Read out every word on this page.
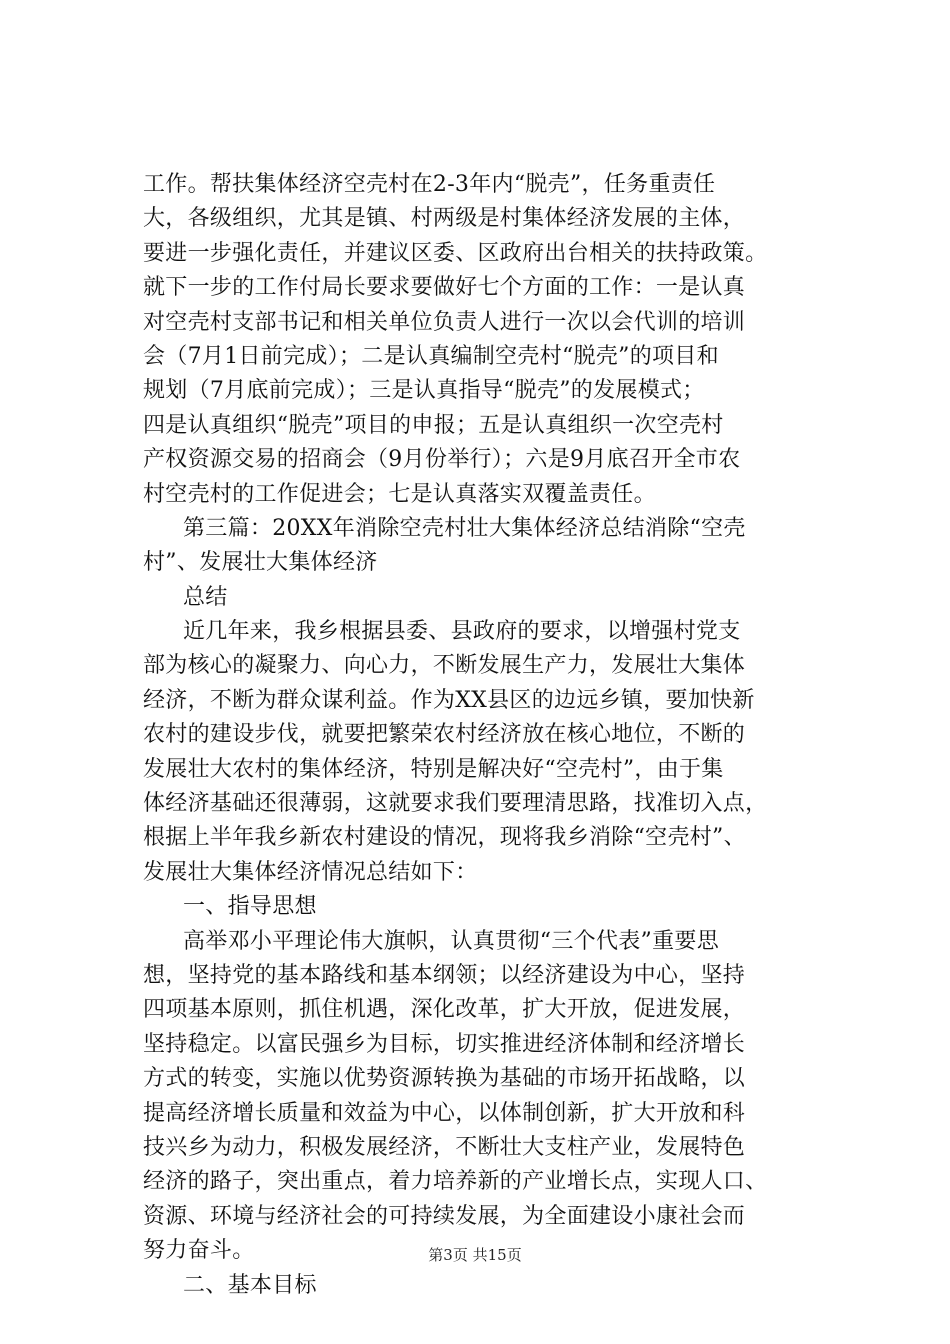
工作。帮扶集体经济空壳村在2-3年内“脱壳”，任务重责任
大，各级组织，尤其是镇、村两级是村集体经济发展的主体，
要进一步强化责任，并建议区委、区政府出台相关的扶持政策。
就下一步的工作付局长要求要做好七个方面的工作：一是认真
对空壳村支部书记和相关单位负责人进行一次以会代训的培训
会（7月1日前完成）；二是认真编制空壳村“脱壳”的项目和
规划（7月底前完成）；三是认真指导“脱壳”的发展模式；
四是认真组织“脱壳”项目的申报；五是认真组织一次空壳村
产权资源交易的招商会（9月份举行）；六是9月底召开全市农
村空壳村的工作促进会；七是认真落实双覆盖责任。
第三篇：20XX年消除空壳村壮大集体经济总结消除“空壳
村”、发展壮大集体经济
总结
近几年来，我乡根据县委、县政府的要求，以增强村党支
部为核心的凝聚力、向心力，不断发展生产力，发展壮大集体
经济，不断为群众谋利益。作为XX县区的边远乡镇，要加快新
农村的建设步伐，就要把繁荣农村经济放在核心地位，不断的
发展壮大农村的集体经济，特别是解决好“空壳村”，由于集
体经济基础还很薄弱，这就要求我们要理清思路，找准切入点，
根据上半年我乡新农村建设的情况，现将我乡消除“空壳村”、
发展壮大集体经济情况总结如下：
一、指导思想
高举邓小平理论伟大旗帜，认真贯彻“三个代表”重要思
想，坚持党的基本路线和基本纲领；以经济建设为中心，坚持
四项基本原则，抓住机遇，深化改革，扩大开放，促进发展，
坚持稳定。以富民强乡为目标，切实推进经济体制和经济增长
方式的转变，实施以优势资源转换为基础的市场开拓战略，以
提高经济增长质量和效益为中心，以体制创新，扩大开放和科
技兴乡为动力，积极发展经济，不断壮大支柱产业，发展特色
经济的路子，突出重点，着力培养新的产业增长点，实现人口、
资源、环境与经济社会的可持续发展，为全面建设小康社会而
努力奋斗。
二、基本目标
第3页 共15页
